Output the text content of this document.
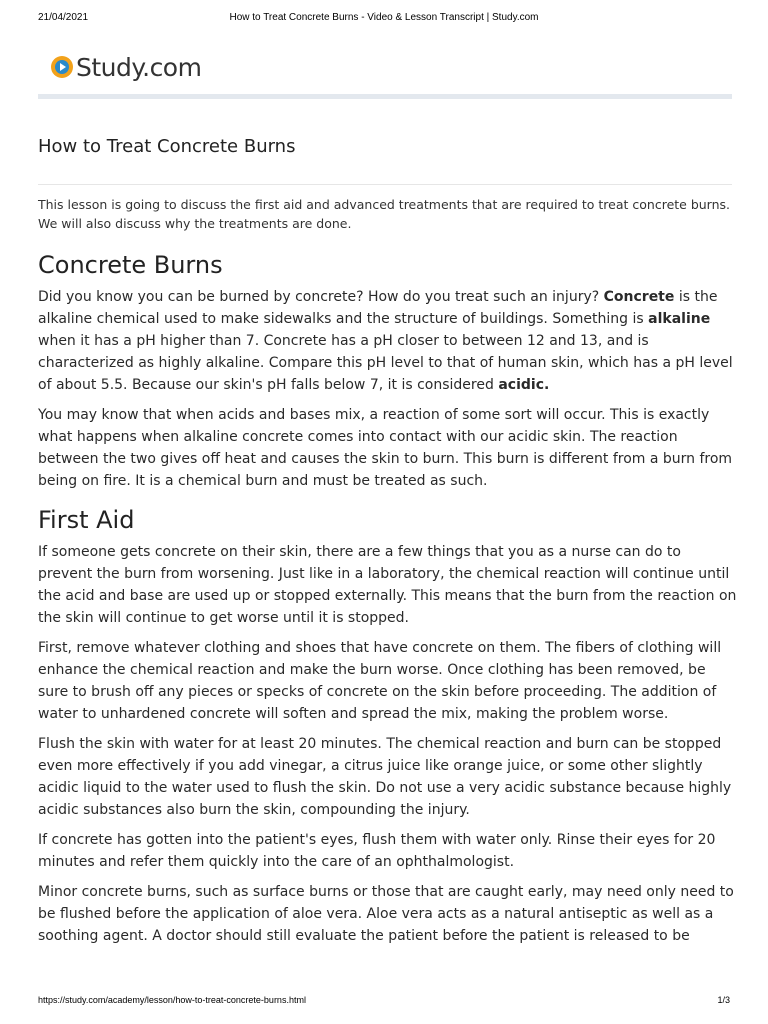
21/04/2021	How to Treat Concrete Burns - Video & Lesson Transcript | Study.com
Study.com
How to Treat Concrete Burns

This lesson is going to discuss the first aid and advanced treatments that are required to treat concrete burns. We will also discuss why the treatments are done.

Concrete Burns

Did you know you can be burned by concrete? How do you treat such an injury? Concrete is the alkaline chemical used to make sidewalks and the structure of buildings. Something is alkaline when it has a pH higher than 7. Concrete has a pH closer to between 12 and 13, and is characterized as highly alkaline. Compare this pH level to that of human skin, which has a pH level of about 5.5. Because our skin's pH falls below 7, it is considered acidic.

You may know that when acids and bases mix, a reaction of some sort will occur. This is exactly what happens when alkaline concrete comes into contact with our acidic skin. The reaction between the two gives off heat and causes the skin to burn. This burn is different from a burn from being on fire. It is a chemical burn and must be treated as such.

First Aid

If someone gets concrete on their skin, there are a few things that you as a nurse can do to prevent the burn from worsening. Just like in a laboratory, the chemical reaction will continue until the acid and base are used up or stopped externally. This means that the burn from the reaction on the skin will continue to get worse until it is stopped.

First, remove whatever clothing and shoes that have concrete on them. The fibers of clothing will enhance the chemical reaction and make the burn worse. Once clothing has been removed, be sure to brush off any pieces or specks of concrete on the skin before proceeding. The addition of water to unhardened concrete will soften and spread the mix, making the problem worse.

Flush the skin with water for at least 20 minutes. The chemical reaction and burn can be stopped even more effectively if you add vinegar, a citrus juice like orange juice, or some other slightly acidic liquid to the water used to flush the skin. Do not use a very acidic substance because highly acidic substances also burn the skin, compounding the injury.

If concrete has gotten into the patient's eyes, flush them with water only. Rinse their eyes for 20 minutes and refer them quickly into the care of an ophthalmologist.

Minor concrete burns, such as surface burns or those that are caught early, may need only need to be flushed before the application of aloe vera. Aloe vera acts as a natural antiseptic as well as a soothing agent. A doctor should still evaluate the patient before the patient is released to be

https://study.com/academy/lesson/how-to-treat-concrete-burns.html	1/3
